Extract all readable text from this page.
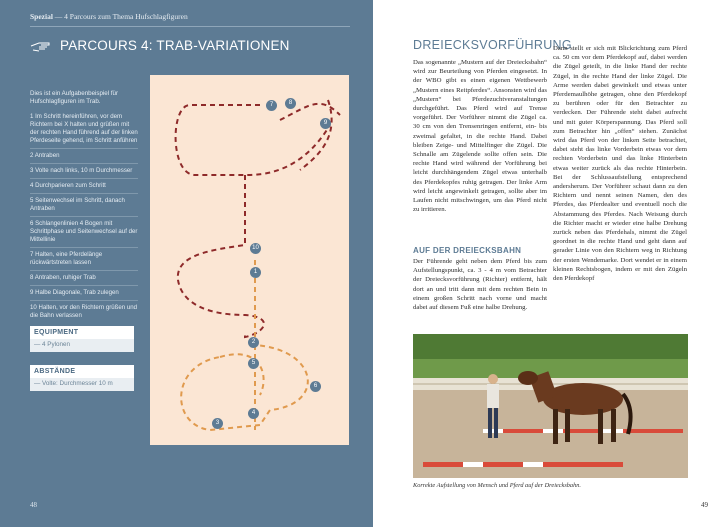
Spezial — 4 Parcours zum Thema Hufschlagfiguren
PARCOURS 4: TRAB-VARIATIONEN
Dies ist ein Aufgabenbeispiel für Hufschlagfiguren im Trab.
1 Im Schritt hereinführen, vor dem Richtern bei X halten und grüßen mit der rechten Hand führend auf der linken Pferdeseite gehend, im Schritt anführen
2 Antraben
3 Volte nach links, 10 m Durchmesser
4 Durchparieren zum Schritt
5 Seitenwechsel im Schritt, danach Antraben
6 Schlangenlinien 4 Bogen mit Schrittphase und Seitenwechsel auf der Mittellinie
7 Halten, eine Pferdelänge rückwärtstreten lassen
8 Antraben, ruhiger Trab
9 Halbe Diagonale, Trab zulegen
10 Halten, vor den Richtern grüßen und die Bahn verlassen
EQUIPMENT
— 4 Pylonen
ABSTÄNDE
— Volte: Durchmesser 10 m
7	8
9
10
1
2
3
4
5
6
48
DREIECKSVORFÜHRUNG
Das sogenannte „Mustern auf der Dreiecksbahn“ wird zur Beurteilung von Pferden eingesetzt. In der WBO gibt es einen eigenen Wettbewerb „Mustern eines Reitpferdes“. Ansonsten wird das „Mustern“ bei Pferdezuchtveranstaltungen durchgeführt. Das Pferd wird auf Trense vorgeführt. Der Vorführer nimmt die Zügel ca. 30 cm von den Trensenringen entfernt, ein- bis zweimal gefaltet, in die rechte Hand. Dabei bleiben Zeige- und Mittelfinger die Zügel. Die Schnalle am Zügelende sollte offen sein. Die rechte Hand wird während der Vorführung bei leicht durchhängendem Zügel etwas unterhalb des Pferdekopfes ruhig getragen. Der linke Arm wird leicht angewinkelt getragen, sollte aber im Laufen nicht mitschwingen, um das Pferd nicht zu irritieren.
AUF DER DREIECKSBAHN
Der Führende geht neben dem Pferd bis zum Aufstellungspunkt, ca. 3 - 4 m vom Betrachter der Dreiecksvorführung (Richter) entfernt, hält dort an und tritt dann mit dem rechten Bein in einem großen Schritt nach vorne und macht dabei auf diesem Fuß eine halbe Drehung.
Dann stellt er sich mit Blickrichtung zum Pferd ca. 50 cm vor dem Pferdekopf auf, dabei werden die Zügel geteilt, in die linke Hand der rechte Zügel, in die rechte Hand der linke Zügel. Die Arme werden dabei gewinkelt und etwas unter Pferdemaulhöhe getragen, ohne den Pferdekopf zu berühren oder für den Betrachter zu verdecken. Der Führende steht dabei aufrecht und mit guter Körperspannung. Das Pferd soll zum Betrachter hin „offen“ stehen. Zunächst wird das Pferd von der linken Seite betrachtet, dabei steht das linke Vorderbein etwas vor dem rechten Vorderbein und das linke Hinterbein etwas weiter zurück als das rechte Hinterbein. Bei der Schlussaufstellung entsprechend andersherum. Der Vorführer schaut dann zu den Richtern und nennt seinen Namen, den des Pferdes, das Pferdealter und eventuell noch die Abstammung des Pferdes. Nach Weisung durch die Richter macht er wieder eine halbe Drehung zurück neben das Pferdehals, nimmt die Zügel geordnet in die rechte Hand und geht dann auf gerader Linie von den Richtern weg in Richtung der ersten Wendemarke. Dort wendet er in einem kleinen Rechtsbogen, indem er mit den Zügeln den Pferdekopf
Korrekte Aufstellung von Mensch und Pferd auf der Dreiecksbahn.
49
